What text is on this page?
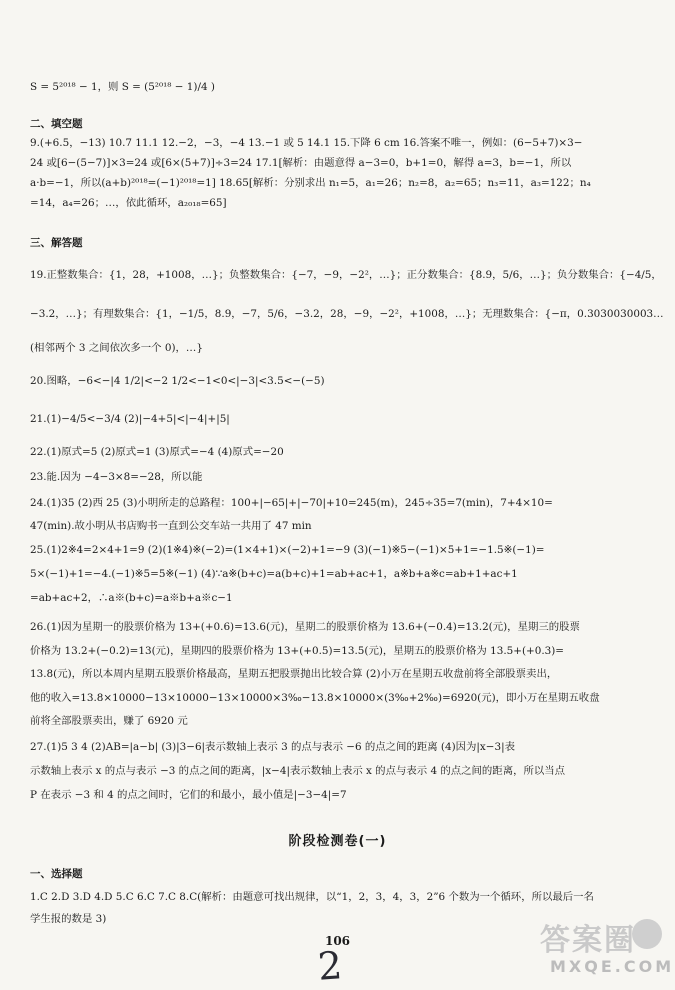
S = 5²⁰¹⁸ − 1，则 S = (5²⁰¹⁸ − 1)/4 )
二、填空题
9.(+6.5，−13) 10.7 11.1 12.−2，−3，−4 13.−1 或 5 14.1 15.下降 6 cm 16.答案不唯一，例如：(6−5+7)×3−
24 或[6−(5−7)]×3=24 或[6×(5+7)]÷3=24 17.1[解析：由题意得 a−3=0，b+1=0，解得 a=3，b=−1，所以
a·b=−1，所以(a+b)²⁰¹⁸=(−1)²⁰¹⁸=1] 18.65[解析：分别求出 n₁=5，a₁=26；n₂=8，a₂=65；n₃=11，a₃=122；n₄
=14，a₄=26；…，依此循环，a₂₀₁₈=65]
三、解答题
19.正整数集合：{1，28，+1008，…}；负整数集合：{−7，−9，−2²，…}；正分数集合：{8.9，5/6，…}；负分数集合：{−4/5，
−3.2，…}；有理数集合：{1，−1/5，8.9，−7，5/6，−3.2，28，−9，−2²，+1008，…}；无理数集合：{−π，0.3030030003…
(相邻两个 3 之间依次多一个 0)，…}
20.图略，−6<−|4 1/2|<−2 1/2<−1<0<|−3|<3.5<−(−5)
21.(1)−4/5<−3/4 (2)|−4+5|<|−4|+|5|
22.(1)原式=5 (2)原式=1 (3)原式=−4 (4)原式=−20
23.能.因为 −4−3×8=−28，所以能
24.(1)35 (2)西 25 (3)小明所走的总路程：100+|−65|+|−70|+10=245(m)，245÷35=7(min)，7+4×10=
47(min).故小明从书店购书一直到公交车站一共用了 47 min
25.(1)2※4=2×4+1=9 (2)(1※4)※(−2)=(1×4+1)×(−2)+1=−9 (3)(−1)※5−(−1)×5+1=−1.5※(−1)=
5×(−1)+1=−4.(−1)※5=5※(−1) (4)∵a※(b+c)=a(b+c)+1=ab+ac+1，a※b+a※c=ab+1+ac+1
=ab+ac+2，∴a※(b+c)=a※b+a※c−1
26.(1)因为星期一的股票价格为 13+(+0.6)=13.6(元)，星期二的股票价格为 13.6+(−0.4)=13.2(元)，星期三的股票
价格为 13.2+(−0.2)=13(元)，星期四的股票价格为 13+(+0.5)=13.5(元)，星期五的股票价格为 13.5+(+0.3)=
13.8(元)，所以本周内星期五股票价格最高，星期五把股票抛出比较合算 (2)小万在星期五收盘前将全部股票卖出，
他的收入=13.8×10000−13×10000−13×10000×3‰−13.8×10000×(3‰+2‰)=6920(元)，即小万在星期五收盘
前将全部股票卖出，赚了 6920 元
27.(1)5 3 4 (2)AB=|a−b| (3)|3−6|表示数轴上表示 3 的点与表示 −6 的点之间的距离 (4)因为|x−3|表
示数轴上表示 x 的点与表示 −3 的点之间的距离，|x−4|表示数轴上表示 x 的点与表示 4 的点之间的距离，所以当点
P 在表示 −3 和 4 的点之间时，它们的和最小，最小值是|−3−4|=7
阶段检测卷(一)
一、选择题
1.C 2.D 3.D 4.D 5.C 6.C 7.C 8.C(解析：由题意可找出规律，以“1，2，3，4，3，2”6 个数为一个循环，所以最后一名
学生报的数是 3)
106
2
答案圈
MXQE.COM
